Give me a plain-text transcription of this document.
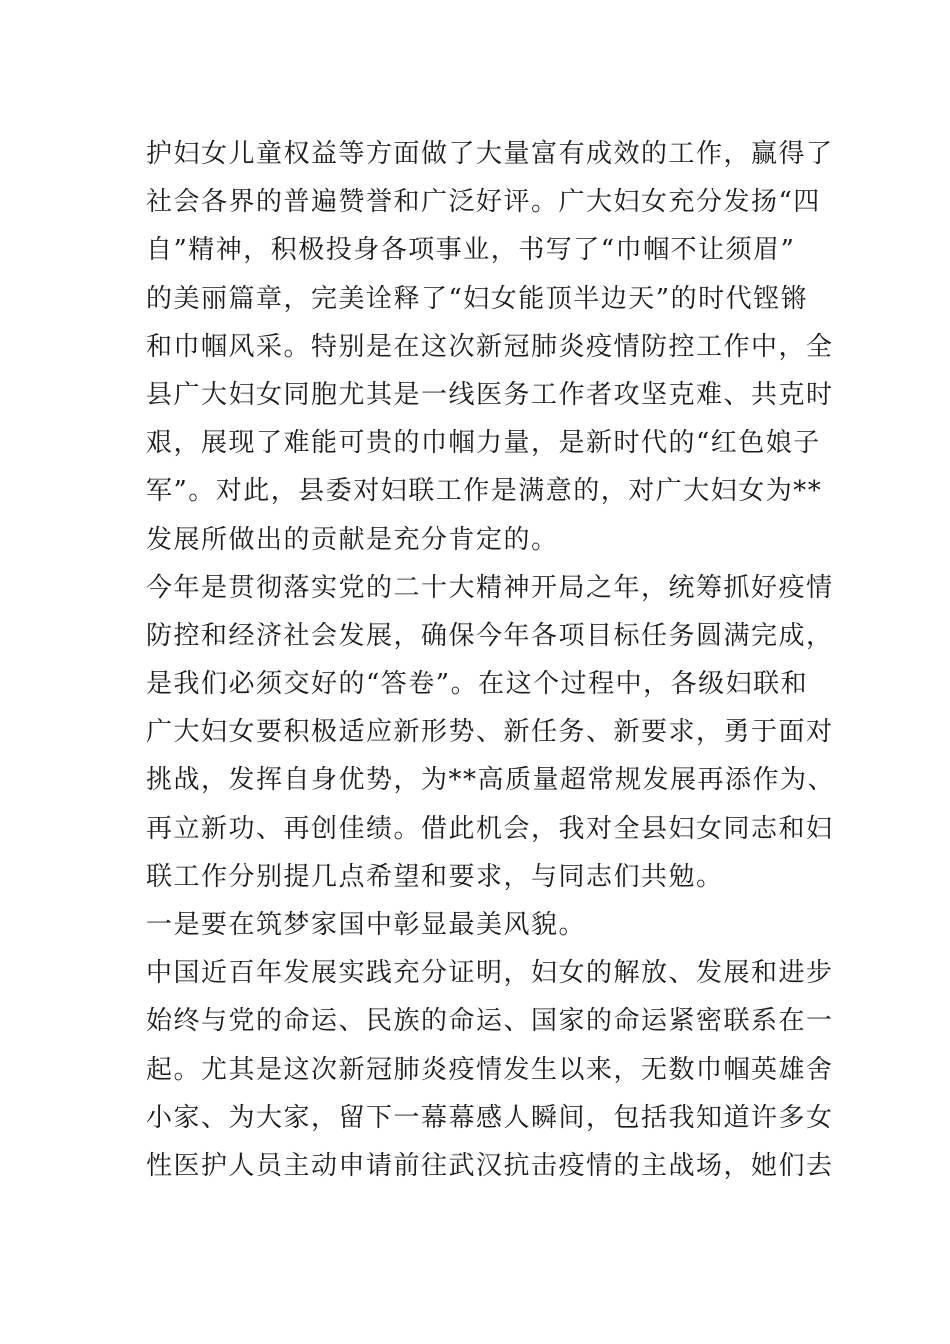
护妇女儿童权益等方面做了大量富有成效的工作，赢得了
社会各界的普遍赞誉和广泛好评。广大妇女充分发扬“四
自”精神，积极投身各项事业，书写了“巾帼不让须眉”
的美丽篇章，完美诠释了“妇女能顶半边天”的时代铿锵
和巾帼风采。特别是在这次新冠肺炎疫情防控工作中，全
县广大妇女同胞尤其是一线医务工作者攻坚克难、共克时
艰，展现了难能可贵的巾帼力量，是新时代的“红色娘子
军”。对此，县委对妇联工作是满意的，对广大妇女为**
发展所做出的贡献是充分肯定的。
今年是贯彻落实党的二十大精神开局之年，统筹抓好疫情
防控和经济社会发展，确保今年各项目标任务圆满完成，
是我们必须交好的“答卷”。在这个过程中，各级妇联和
广大妇女要积极适应新形势、新任务、新要求，勇于面对
挑战，发挥自身优势，为**高质量超常规发展再添作为、
再立新功、再创佳绩。借此机会，我对全县妇女同志和妇
联工作分别提几点希望和要求，与同志们共勉。
一是要在筑梦家国中彰显最美风貌。
中国近百年发展实践充分证明，妇女的解放、发展和进步
始终与党的命运、民族的命运、国家的命运紧密联系在一
起。尤其是这次新冠肺炎疫情发生以来，无数巾帼英雄舍
小家、为大家，留下一幕幕感人瞬间，包括我知道许多女
性医护人员主动申请前往武汉抗击疫情的主战场，她们去
